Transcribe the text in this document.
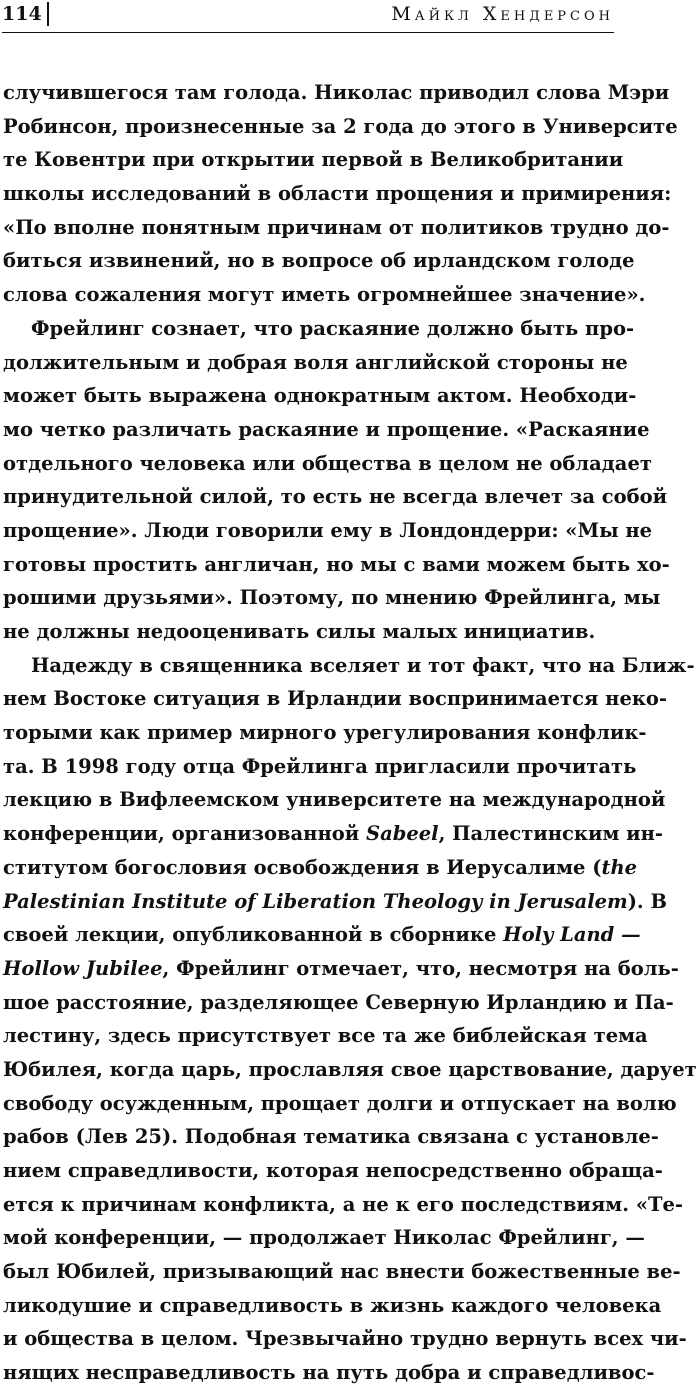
114	Майкл Хендерсон
случившегося там голода. Николас приводил слова Мэри
Робинсон, произнесенные за 2 года до этого в Университе
те Ковентри при открытии первой в Великобритании
школы исследований в области прощения и примирения:
«По вполне понятным причинам от политиков трудно до-
биться извинений, но в вопросе об ирландском голоде
слова сожаления могут иметь огромнейшее значение».
Фрейлинг сознает, что раскаяние должно быть про-
должительным и добрая воля английской стороны не
может быть выражена однократным актом. Необходи-
мо четко различать раскаяние и прощение. «Раскаяние
отдельного человека или общества в целом не обладает
принудительной силой, то есть не всегда влечет за собой
прощение». Люди говорили ему в Лондондерри: «Мы не
готовы простить англичан, но мы с вами можем быть хо-
рошими друзьями». Поэтому, по мнению Фрейлинга, мы
не должны недооценивать силы малых инициатив.
Надежду в священника вселяет и тот факт, что на Ближ-
нем Востоке ситуация в Ирландии воспринимается неко-
торыми как пример мирного урегулирования конфлик-
та. В 1998 году отца Фрейлинга пригласили прочитать
лекцию в Вифлеемском университете на международной
конференции, организованной Sabeel, Палестинским ин-
ститутом богословия освобождения в Иерусалиме (the
Palestinian Institute of Liberation Theology in Jerusalem). В
своей лекции, опубликованной в сборнике Holy Land —
Hollow Jubilee, Фрейлинг отмечает, что, несмотря на боль-
шое расстояние, разделяющее Северную Ирландию и Па-
лестину, здесь присутствует все та же библейская тема
Юбилея, когда царь, прославляя свое царствование, дарует
свободу осужденным, прощает долги и отпускает на волю
рабов (Лев 25). Подобная тематика связана с установле-
нием справедливости, которая непосредственно обраща-
ется к причинам конфликта, а не к его последствиям. «Те-
мой конференции, — продолжает Николас Фрейлинг, —
был Юбилей, призывающий нас внести божественные ве-
ликодушие и справедливость в жизнь каждого человека
и общества в целом. Чрезвычайно трудно вернуть всех чи-
нящих несправедливость на путь добра и справедливос-
